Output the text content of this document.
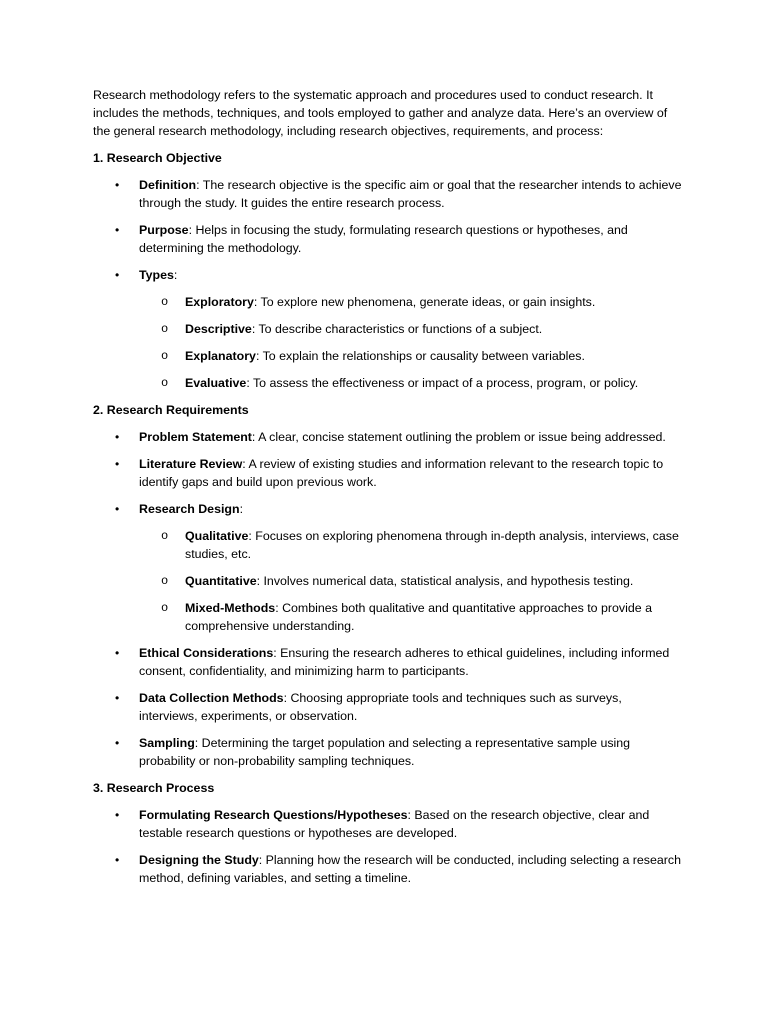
Research methodology refers to the systematic approach and procedures used to conduct research. It includes the methods, techniques, and tools employed to gather and analyze data. Here’s an overview of the general research methodology, including research objectives, requirements, and process:

1. Research Objective

• Definition: The research objective is the specific aim or goal that the researcher intends to achieve through the study. It guides the entire research process.

• Purpose: Helps in focusing the study, formulating research questions or hypotheses, and determining the methodology.

• Types:

o Exploratory: To explore new phenomena, generate ideas, or gain insights.

o Descriptive: To describe characteristics or functions of a subject.

o Explanatory: To explain the relationships or causality between variables.

o Evaluative: To assess the effectiveness or impact of a process, program, or policy.

2. Research Requirements

• Problem Statement: A clear, concise statement outlining the problem or issue being addressed.

• Literature Review: A review of existing studies and information relevant to the research topic to identify gaps and build upon previous work.

• Research Design:

o Qualitative: Focuses on exploring phenomena through in-depth analysis, interviews, case studies, etc.

o Quantitative: Involves numerical data, statistical analysis, and hypothesis testing.

o Mixed-Methods: Combines both qualitative and quantitative approaches to provide a comprehensive understanding.

• Ethical Considerations: Ensuring the research adheres to ethical guidelines, including informed consent, confidentiality, and minimizing harm to participants.

• Data Collection Methods: Choosing appropriate tools and techniques such as surveys, interviews, experiments, or observation.

• Sampling: Determining the target population and selecting a representative sample using probability or non-probability sampling techniques.

3. Research Process

• Formulating Research Questions/Hypotheses: Based on the research objective, clear and testable research questions or hypotheses are developed.

• Designing the Study: Planning how the research will be conducted, including selecting a research method, defining variables, and setting a timeline.
